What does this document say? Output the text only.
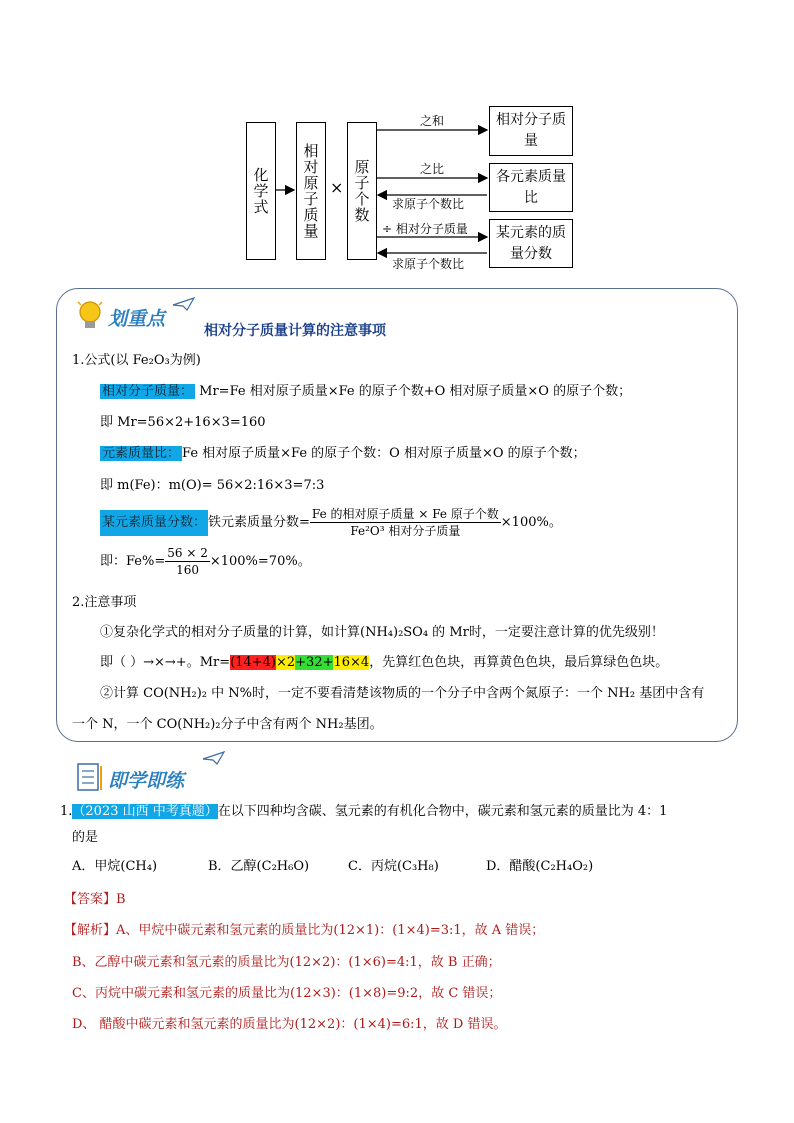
化学式 相对原子质量 × 原子个数
之和
之比
求原子个数比
÷ 相对分子质量
求原子个数比
相对分子质量
各元素质量比
某元素的质量分数
划重点
相对分子质量计算的注意事项
1.公式(以 Fe₂O₃为例)
相对分子质量： Mr=Fe 相对原子质量×Fe 的原子个数+O 相对原子质量×O 的原子个数；
即 Mr=56×2+16×3=160
元素质量比： Fe 相对原子质量×Fe 的原子个数：O 相对原子质量×O 的原子个数；
即 m(Fe)：m(O)= 56×2:16×3=7:3
某元素质量分数： 铁元素质量分数= $\frac{\text{Fe 的相对原子质量 × Fe 原子个数}}{\text{Fe²O³ 相对分子质量}} \times 100\%$。
即：$Fe\%= \frac{56 \times 2}{160} \times 100\%=70\%$。
2.注意事项
①复杂化学式的相对分子质量的计算，如计算(NH₄)₂SO₄ 的 Mr时，一定要注意计算的优先级别！
即（ ）→×→+。Mr=(14+4)×2+32+16×4，先算红色色块，再算黄色色块，最后算绿色色块。
②计算 CO(NH₂)₂ 中 N%时，一定不要看清楚该物质的一个分子中含两个氮原子：一个 NH₂ 基团中含有
一个 N，一个 CO(NH₂)₂分子中含有两个 NH₂基团。
即学即练
1.（2023 山西 中考真题）在以下四种均含碳、氢元素的有机化合物中，碳元素和氢元素的质量比为 4：1
的是
A．甲烷(CH₄)	B．乙醇(C₂H₆O)	C．丙烷(C₃H₈)	D．醋酸(C₂H₄O₂)
【答案】B
【解析】A、甲烷中碳元素和氢元素的质量比为(12×1)：(1×4)=3:1，故 A 错误；
B、乙醇中碳元素和氢元素的质量比为(12×2)：(1×6)=4:1，故 B 正确；
C、丙烷中碳元素和氢元素的质量比为(12×3)：(1×8)=9:2，故 C 错误；
D、 醋酸中碳元素和氢元素的质量比为(12×2)：(1×4)=6:1，故 D 错误。
